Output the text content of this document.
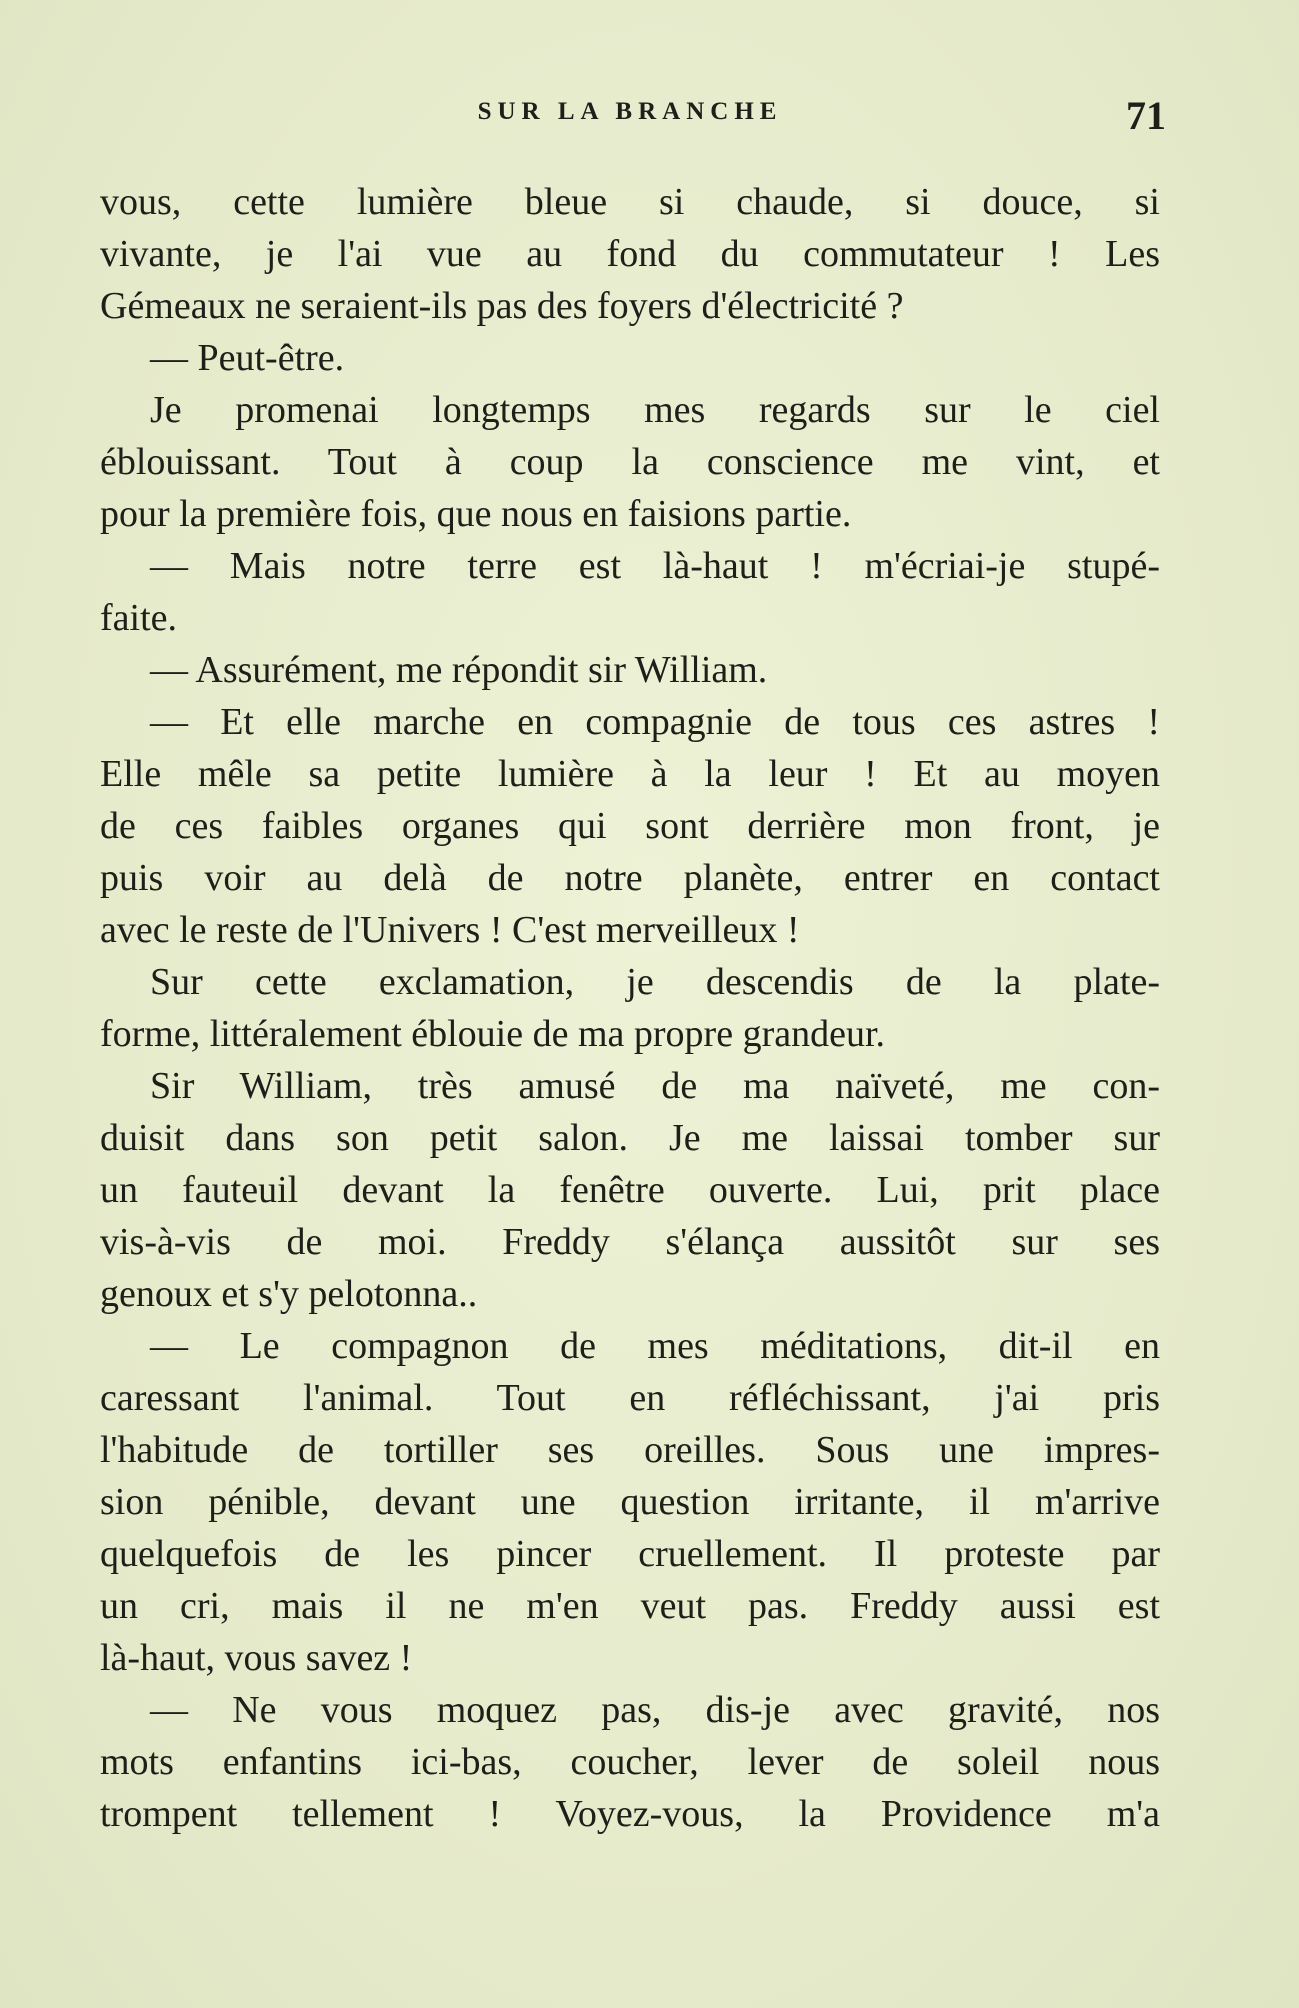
SUR LA BRANCHE	71
vous, cette lumière bleue si chaude, si douce, si
vivante, je l'ai vue au fond du commutateur ! Les
Gémeaux ne seraient-ils pas des foyers d'électricité ?
— Peut-être.
Je promenai longtemps mes regards sur le ciel
éblouissant. Tout à coup la conscience me vint, et
pour la première fois, que nous en faisions partie.
— Mais notre terre est là-haut ! m'écriai-je stupé-
faite.
— Assurément, me répondit sir William.
— Et elle marche en compagnie de tous ces astres !
Elle mêle sa petite lumière à la leur ! Et au moyen
de ces faibles organes qui sont derrière mon front, je
puis voir au delà de notre planète, entrer en contact
avec le reste de l'Univers ! C'est merveilleux !
Sur cette exclamation, je descendis de la plate-
forme, littéralement éblouie de ma propre grandeur.
Sir William, très amusé de ma naïveté, me con-
duisit dans son petit salon. Je me laissai tomber sur
un fauteuil devant la fenêtre ouverte. Lui, prit place
vis-à-vis de moi. Freddy s'élança aussitôt sur ses
genoux et s'y pelotonna..
— Le compagnon de mes méditations, dit-il en
caressant l'animal. Tout en réfléchissant, j'ai pris
l'habitude de tortiller ses oreilles. Sous une impres-
sion pénible, devant une question irritante, il m'arrive
quelquefois de les pincer cruellement. Il proteste par
un cri, mais il ne m'en veut pas. Freddy aussi est
là-haut, vous savez !
— Ne vous moquez pas, dis-je avec gravité, nos
mots enfantins ici-bas, coucher, lever de soleil nous
trompent tellement ! Voyez-vous, la Providence m'a
